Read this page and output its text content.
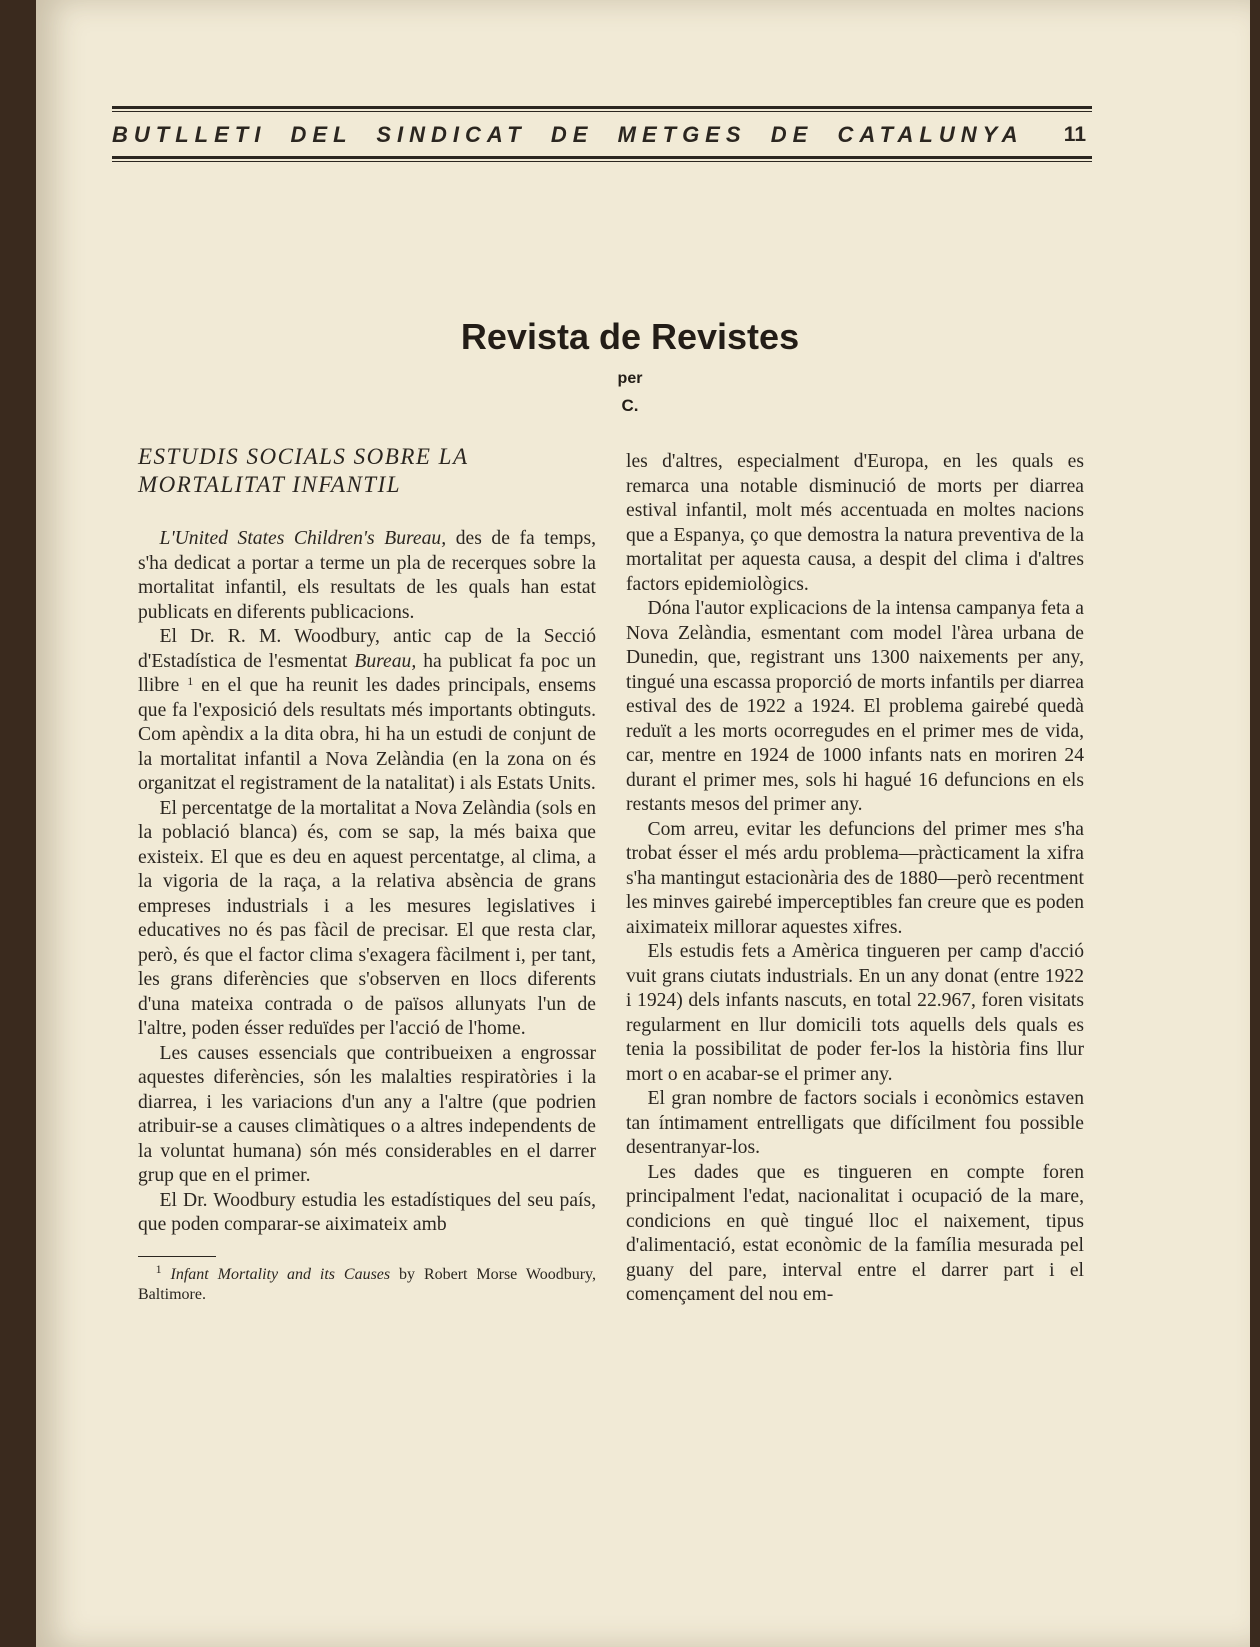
BUTLLETI  DEL  SINDICAT  DE  METGES  DE  CATALUNYA 11
Revista de Revistes
per
C.
ESTUDIS SOCIALS SOBRE LA MORTALITAT INFANTIL

L'United States Children's Bureau, des de fa temps, s'ha dedicat a portar a terme un pla de recerques sobre la mortalitat infantil, els resultats de les quals han estat publicats en diferents publicacions.

El Dr. R. M. Woodbury, antic cap de la Secció d'Estadística de l'esmentat Bureau, ha publicat fa poc un llibre $^1$ en el que ha reunit les dades principals, ensems que fa l'exposició dels resultats més importants obtinguts. Com apèndix a la dita obra, hi ha un estudi de conjunt de la mortalitat infantil a Nova Zelàndia (en la zona on és organitzat el registrament de la natalitat) i als Estats Units.

El percentatge de la mortalitat a Nova Zelàndia (sols en la població blanca) és, com se sap, la més baixa que existeix. El que es deu en aquest percentatge, al clima, a la vigoria de la raça, a la relativa absència de grans empreses industrials i a les mesures legislatives i educatives no és pas fàcil de precisar. El que resta clar, però, és que el factor clima s'exagera fàcilment i, per tant, les grans diferències que s'observen en llocs diferents d'una mateixa contrada o de països allunyats l'un de l'altre, poden ésser reduïdes per l'acció de l'home.

Les causes essencials que contribueixen a engrossar aquestes diferències, són les malalties respiratòries i la diarrea, i les variacions d'un any a l'altre (que podrien atribuir-se a causes climàtiques o a altres independents de la voluntat humana) són més considerables en el darrer grup que en el primer.

El Dr. Woodbury estudia les estadístiques del seu país, que poden comparar-se aiximateix amb

$^1$ Infant Mortality and its Causes by Robert Morse Woodbury, Baltimore.

les d'altres, especialment d'Europa, en les quals es remarca una notable disminució de morts per diarrea estival infantil, molt més accentuada en moltes nacions que a Espanya, ço que demostra la natura preventiva de la mortalitat per aquesta causa, a despit del clima i d'altres factors epidemiològics.

Dóna l'autor explicacions de la intensa campanya feta a Nova Zelàndia, esmentant com model l'àrea urbana de Dunedin, que, registrant uns 1300 naixements per any, tingué una escassa proporció de morts infantils per diarrea estival des de 1922 a 1924. El problema gairebé quedà reduït a les morts ocorregudes en el primer mes de vida, car, mentre en 1924 de 1000 infants nats en moriren 24 durant el primer mes, sols hi hagué 16 defuncions en els restants mesos del primer any.

Com arreu, evitar les defuncions del primer mes s'ha trobat ésser el més ardu problema—pràcticament la xifra s'ha mantingut estacionària des de 1880—però recentment les minves gairebé imperceptibles fan creure que es poden aiximateix millorar aquestes xifres.

Els estudis fets a Amèrica tingueren per camp d'acció vuit grans ciutats industrials. En un any donat (entre 1922 i 1924) dels infants nascuts, en total 22.967, foren visitats regularment en llur domicili tots aquells dels quals es tenia la possibilitat de poder fer-los la història fins llur mort o en acabar-se el primer any.

El gran nombre de factors socials i econòmics estaven tan íntimament entrelligats que difícilment fou possible desentranyar-los.

Les dades que es tingueren en compte foren principalment l'edat, nacionalitat i ocupació de la mare, condicions en què tingué lloc el naixement, tipus d'alimentació, estat econòmic de la família mesurada pel guany del pare, interval entre el darrer part i el començament del nou em-
